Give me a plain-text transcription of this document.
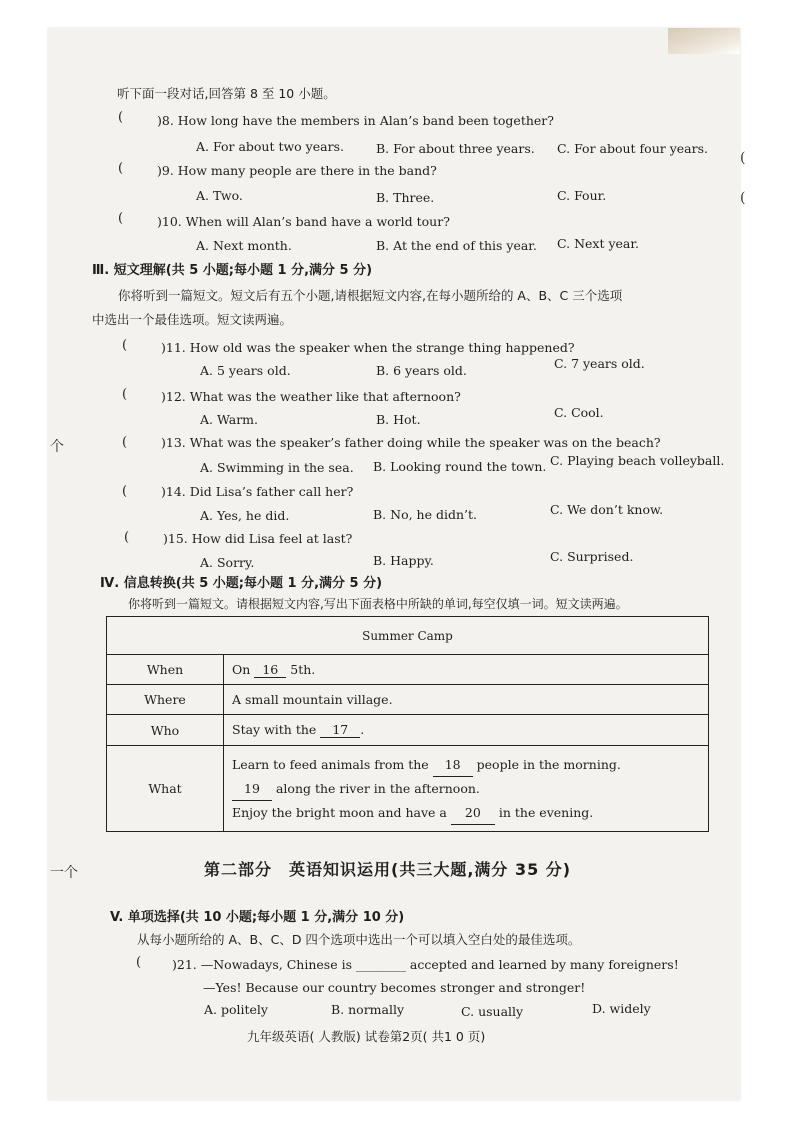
个
一个
(
(
听下面一段对话,回答第 8 至 10 小题。
(	)8. How long have the members in Alan’s band been together?
A. For about two years.	B. For about three years. C. For about four years.
(	)9. How many people are there in the band?
A. Two.	B. Three.	C. Four.
(	)10. When will Alan’s band have a world tour?
A. Next month.	B. At the end of this year. C. Next year.
Ⅲ. 短文理解(共 5 小题;每小题 1 分,满分 5 分)
你将听到一篇短文。短文后有五个小题,请根据短文内容,在每小题所给的 A、B、C 三个选项
中选出一个最佳选项。短文读两遍。
(	)11. How old was the speaker when the strange thing happened?
A. 5 years old.	B. 6 years old.	C. 7 years old.
(	)12. What was the weather like that afternoon?
A. Warm.	B. Hot.	C. Cool.
(	)13. What was the speaker’s father doing while the speaker was on the beach?
A. Swimming in the sea. B. Looking round the town. C. Playing beach volleyball.
(	)14. Did Lisa’s father call her?
A. Yes, he did.	B. No, he didn’t.	C. We don’t know.
(	)15. How did Lisa feel at last?
A. Sorry.	B. Happy.	C. Surprised.
Ⅳ. 信息转换(共 5 小题;每小题 1 分,满分 5 分)
你将听到一篇短文。请根据短文内容,写出下面表格中所缺的单词,每空仅填一词。短文读两遍。
Summer Camp	
When	On 16 5th.
Where	A small mountain village.
Who	Stay with the 17 .
What	Learn to feed animals from the 18 people in the morning.
19 along the river in the afternoon.
Enjoy the bright moon and have a 20 in the evening.
第二部分　英语知识运用(共三大题,满分 35 分)
V. 单项选择(共 10 小题;每小题 1 分,满分 10 分)
从每小题所给的 A、B、C、D 四个选项中选出一个可以填入空白处的最佳选项。
( )21. —Nowadays, Chinese is ________ accepted and learned by many foreigners!
—Yes! Because our country becomes stronger and stronger!
A. politely	B. normally	C. usually	D. widely
九年级英语( 人教版) 试卷第2页( 共1 0 页)
